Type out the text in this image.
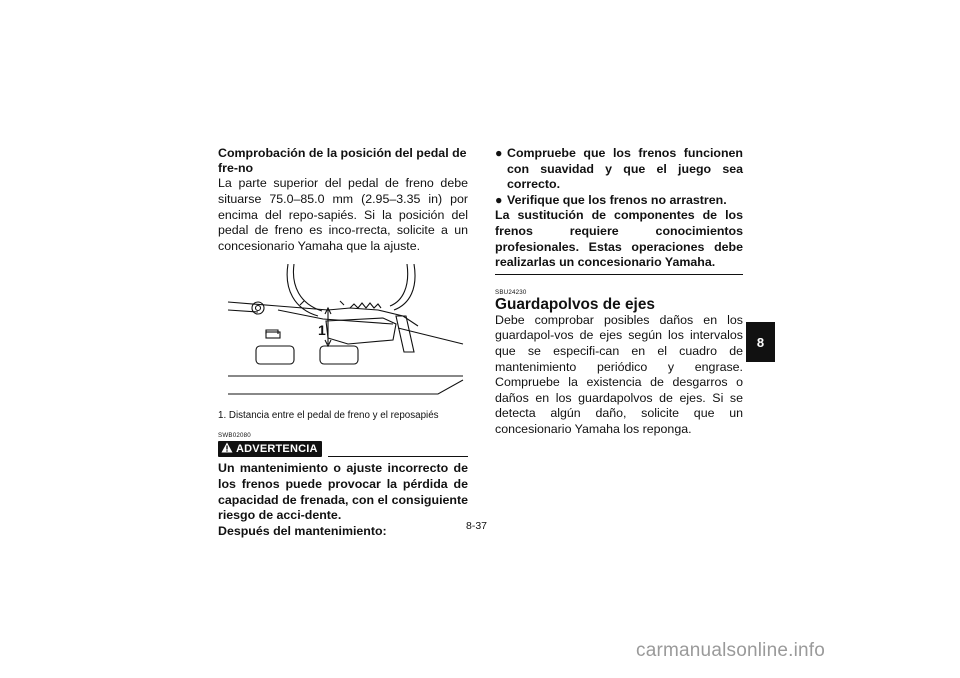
Comprobación de la posición del pedal de fre-no
La parte superior del pedal de freno debe situarse 75.0–85.0 mm (2.95–3.35 in) por encima del repo-sapiés. Si la posición del pedal de freno es inco-rrecta, solicite a un concesionario Yamaha que la ajuste.
1
1. Distancia entre el pedal de freno y el reposapiés
SWB02080
ADVERTENCIA
Un mantenimiento o ajuste incorrecto de los frenos puede provocar la pérdida de capacidad de frenada, con el consiguiente riesgo de acci-dente.
Después del mantenimiento:
● Compruebe que los frenos funcionen con suavidad y que el juego sea correcto.
● Verifique que los frenos no arrastren.
La sustitución de componentes de los frenos requiere conocimientos profesionales. Estas operaciones debe realizarlas un concesionario Yamaha.
SBU24230
Guardapolvos de ejes
Debe comprobar posibles daños en los guardapol-vos de ejes según los intervalos que se especifi-can en el cuadro de mantenimiento periódico y engrase. Compruebe la existencia de desgarros o daños en los guardapolvos de ejes. Si se detecta algún daño, solicite que un concesionario Yamaha los reponga.
8
8-37
carmanualsonline.info
